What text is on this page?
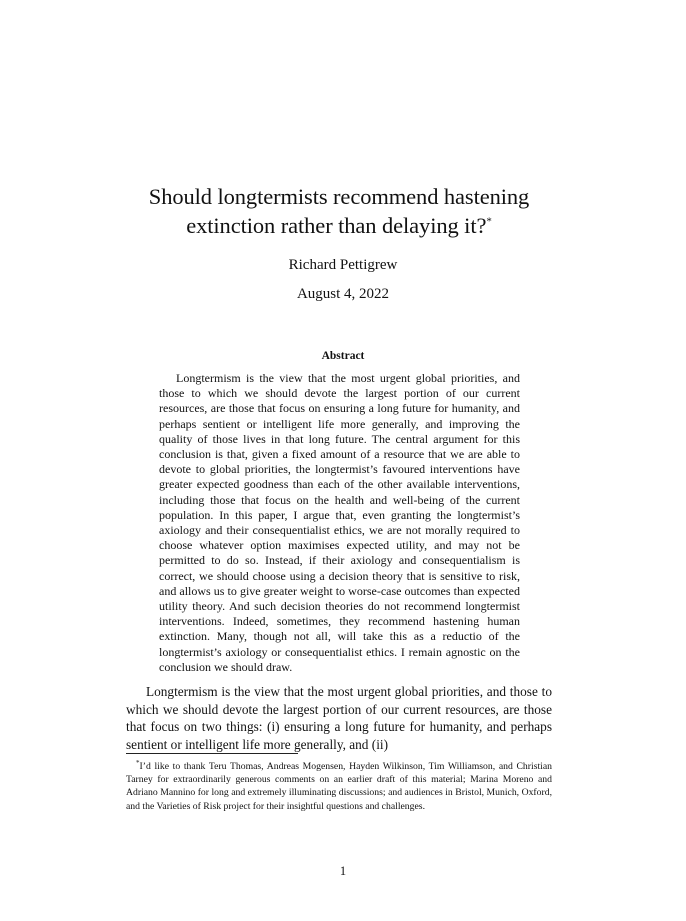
Should longtermists recommend hastening extinction rather than delaying it?*
Richard Pettigrew
August 4, 2022
Abstract

Longtermism is the view that the most urgent global priorities, and those to which we should devote the largest portion of our current resources, are those that focus on ensuring a long future for humanity, and perhaps sentient or intelligent life more generally, and improving the quality of those lives in that long future. The central argument for this conclusion is that, given a fixed amount of a resource that we are able to devote to global priorities, the longtermist’s favoured interventions have greater expected goodness than each of the other available interventions, including those that focus on the health and well-being of the current population. In this paper, I argue that, even granting the longtermist’s axiology and their consequentialist ethics, we are not morally required to choose whatever option maximises expected utility, and may not be permitted to do so. Instead, if their axiology and consequentialism is correct, we should choose using a decision theory that is sensitive to risk, and allows us to give greater weight to worse-case outcomes than expected utility theory. And such decision theories do not recommend longtermist interventions. Indeed, sometimes, they recommend hastening human extinction. Many, though not all, will take this as a reductio of the longtermist’s axiology or consequentialist ethics. I remain agnostic on the conclusion we should draw.

Longtermism is the view that the most urgent global priorities, and those to which we should devote the largest portion of our current resources, are those that focus on two things: (i) ensuring a long future for humanity, and perhaps sentient or intelligent life more generally, and (ii)

*I’d like to thank Teru Thomas, Andreas Mogensen, Hayden Wilkinson, Tim Williamson, and Christian Tarney for extraordinarily generous comments on an earlier draft of this material; Marina Moreno and Adriano Mannino for long and extremely illuminating discussions; and audiences in Bristol, Munich, Oxford, and the Varieties of Risk project for their insightful questions and challenges.

1
